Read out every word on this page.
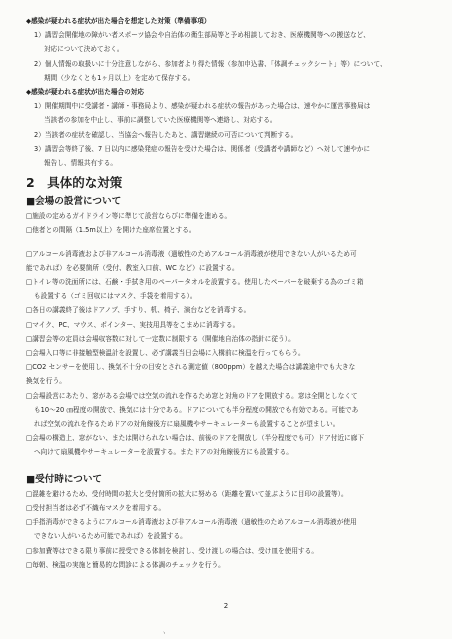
◆感染が疑われる症状が出た場合を想定した対策（準備事項）
1）講習会開催地の障がい者スポーツ協会や自治体の衛生部局等と予め相談しておき、医療機関等への搬送など、
対応について決めておく。
2）個人情報の取扱いに十分注意しながら、参加者より得た情報（参加申込書、「体調チェックシート」等）について、
期間（少なくとも1ヶ月以上）を定めて保存する。
◆感染が疑われる症状が出た場合の対応
1）開催期間中に受講者・講師・事務局より、感染が疑われる症状の報告があった場合は、速やかに運営事務局は
当該者の参加を中止し、事前に調整していた医療機関等へ連絡し、対応する。
2）当該者の症状を確認し、当協会へ報告したあと、講習継続の可否について判断する。
3）講習会等終了後、7 日以内に感染発症の報告を受けた場合は、関係者（受講者や講師など）へ対して速やかに
報告し、情報共有する。
2　具体的な対策
■会場の設営について
□施設の定めるガイドライン等に準じて設営ならびに準備を進める。
□他者との間隔（1.5m以上）を開けた座席位置とする。
□アルコール消毒液および非アルコール消毒液（過敏性のためアルコール消毒液が使用できない人がいるため可
能であれば）を必要箇所（受付、教室入口前、WC など）に設置する。
□トイレ等の洗面所には、石鹸・手拭き用のペーパータオルを設置する。使用したペーパーを破棄する為のゴミ箱
も設置する（ゴミ回収にはマスク、手袋を着用する）。
□各日の講義終了後はドアノブ、手すり、机、椅子、演台などを消毒する。
□マイク、PC、マウス、ポインター、実技用具等をこまめに消毒する。
□講習会等の定員は会場収容数に対して一定数に制限する（開催地自治体の指針に従う）。
□会場入口等に非接触型検温計を設置し、必ず講義当日会場に入構前に検温を行ってもらう。
□CO2 センサーを使用し、換気不十分の目安とされる測定値（800ppm）を越えた場合は講義途中でも大きな
換気を行う。
□会場設営にあたり、窓がある会場では空気の流れを作るため窓と対角のドアを開放する。窓は全開としなくて
も10～20 ㎝程度の開放で、換気には十分である。ドアについても半分程度の開放でも有効である。可能であ
れば空気の流れを作るためドアの対角線後方に扇風機やサーキュレーターも設置することが望ましい。
□会場の構造上、窓がない、または開けられない場合は、前後のドアを開放し（半分程度でも可）ドア付近に廊下
へ向けて扇風機やサーキュレーターを設置する。またドアの対角線後方にも設置する。
■受付時について
□混雑を避けるため、受付時間の拡大と受付箇所の拡大に努める（距離を置いて並ぶように目印の設置等）。
□受付担当者は必ず不織布マスクを着用する。
□手指消毒ができるようにアルコール消毒液および非アルコール消毒液（過敏性のためアルコール消毒液が使用
できない人がいるため可能であれば）を設置する。
□参加費等はできる限り事前に授受できる体制を検討し、受け渡しの場合は、受け皿を使用する。
□毎朝、検温の実施と簡易的な問診による体調のチェックを行う。
2
ヽ
